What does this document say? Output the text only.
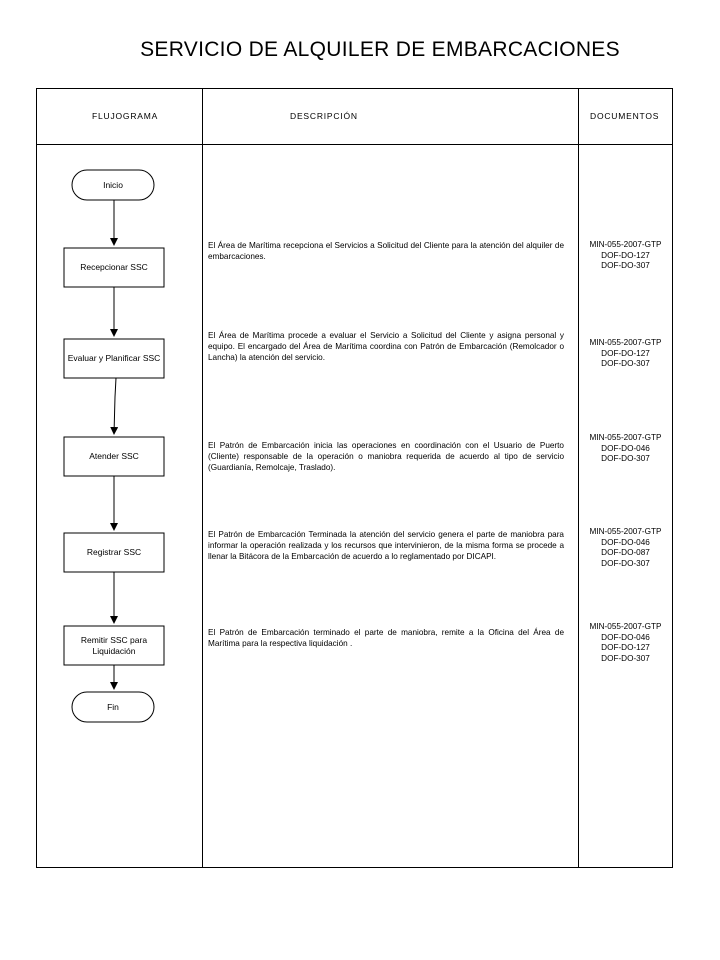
SERVICIO DE ALQUILER DE EMBARCACIONES
FLUJOGRAMA	DESCRIPCIÓN	DOCUMENTOS
Inicio
Recepcionar SSC
Evaluar y Planificar SSC
Atender SSC
Registrar SSC
Remitir SSC para Liquidación
Fin
El Área de Marítima recepciona el Servicios a Solicitud del Cliente para la atención del alquiler de embarcaciones.
El Área de Marítima procede a evaluar el Servicio a Solicitud del Cliente y asigna personal y equipo. El encargado del Área de Marítima coordina con Patrón de Embarcación (Remolcador o Lancha) la atención del servicio.
El Patrón de Embarcación inicia las operaciones en coordinación con el Usuario de Puerto (Cliente) responsable de la operación o maniobra requerida de acuerdo al tipo de servicio (Guardianía, Remolcaje, Traslado).
El Patrón de Embarcación Terminada la atención del servicio genera el parte de maniobra para informar la operación realizada y los recursos que intervinieron, de la misma forma se procede a llenar la Bitácora de la Embarcación de acuerdo a lo reglamentado por DICAPI.
El Patrón de Embarcación terminado el parte de maniobra, remite a la Oficina del Área de Marítima para la respectiva liquidación .
MIN-055-2007-GTP
DOF-DO-127
DOF-DO-307
MIN-055-2007-GTP
DOF-DO-127
DOF-DO-307
MIN-055-2007-GTP
DOF-DO-046
DOF-DO-307
MIN-055-2007-GTP
DOF-DO-046
DOF-DO-087
DOF-DO-307
MIN-055-2007-GTP
DOF-DO-046
DOF-DO-127
DOF-DO-307
